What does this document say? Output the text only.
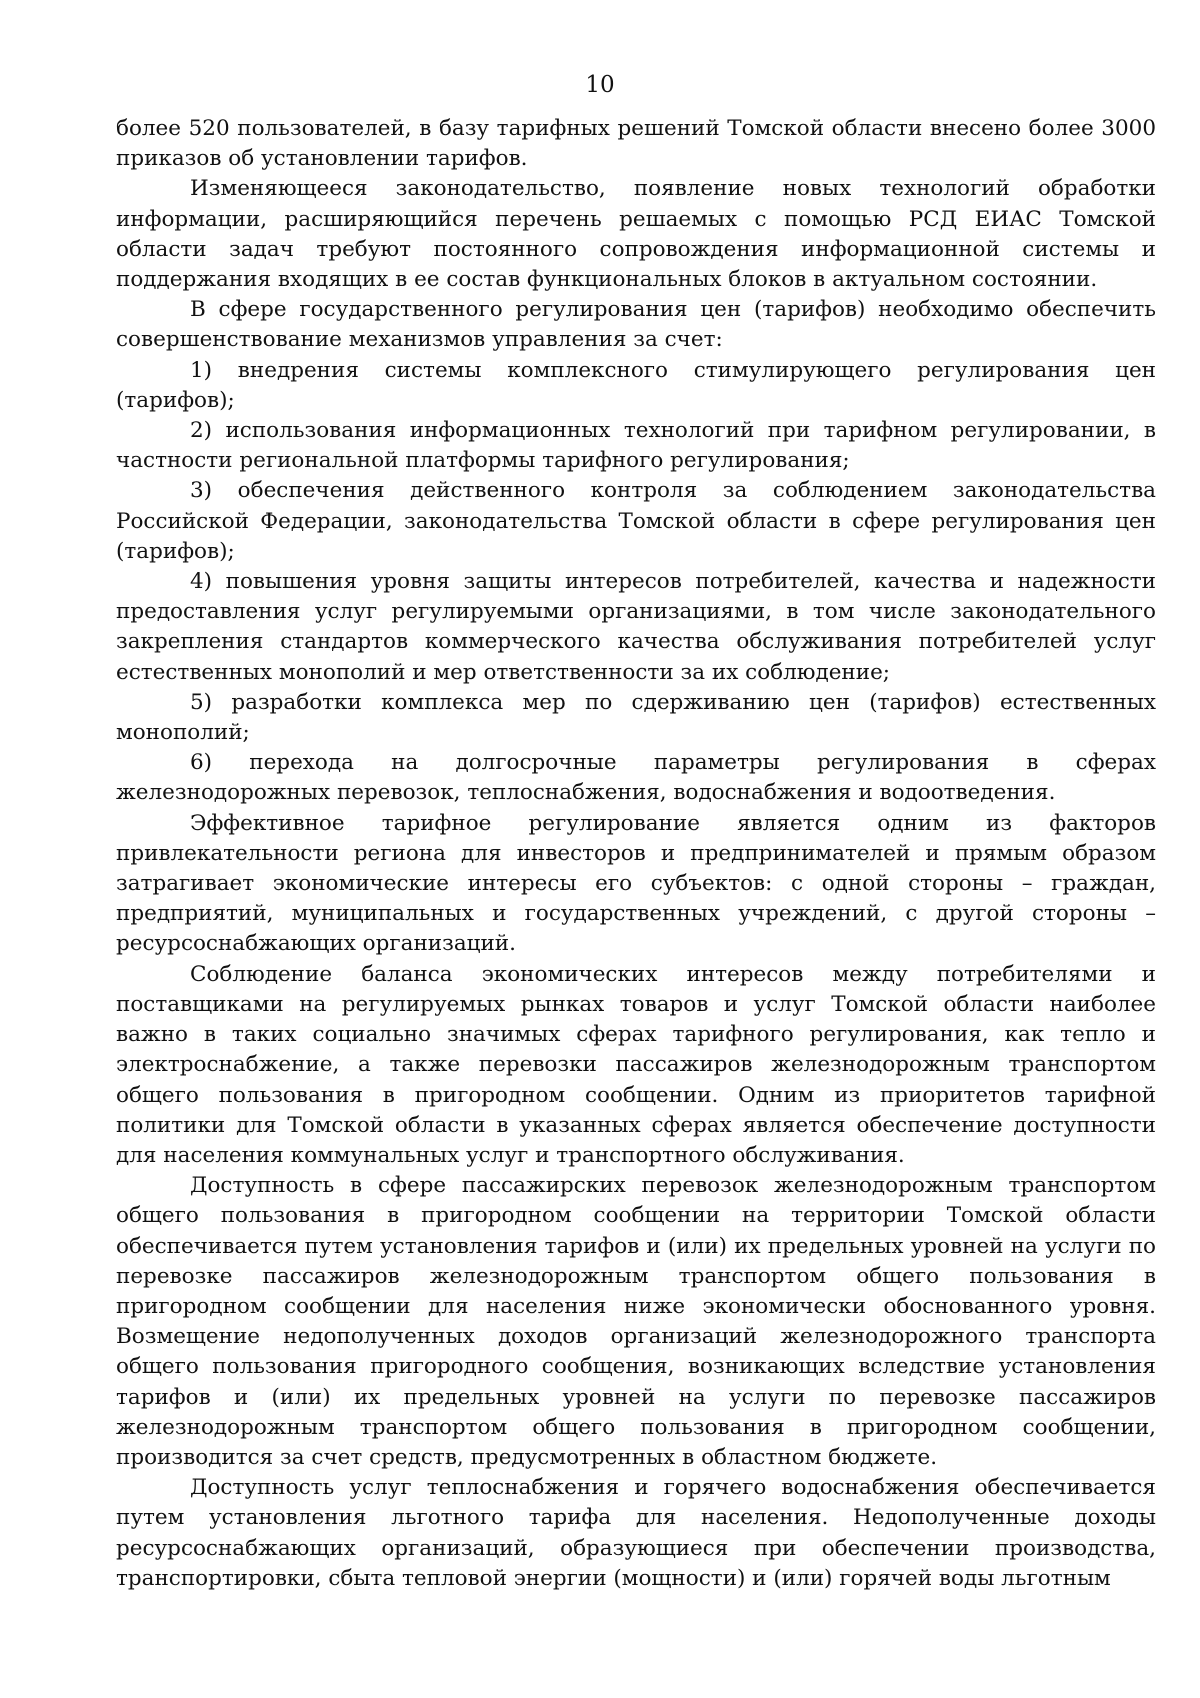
10

более 520 пользователей, в базу тарифных решений Томской области внесено более 3000 приказов об установлении тарифов.

Изменяющееся законодательство, появление новых технологий обработки информации, расширяющийся перечень решаемых с помощью РСД ЕИАС Томской области задач требуют постоянного сопровождения информационной системы и поддержания входящих в ее состав функциональных блоков в актуальном состоянии.

В сфере государственного регулирования цен (тарифов) необходимо обеспечить совершенствование механизмов управления за счет:

1) внедрения системы комплексного стимулирующего регулирования цен (тарифов);

2) использования информационных технологий при тарифном регулировании, в частности региональной платформы тарифного регулирования;

3) обеспечения действенного контроля за соблюдением законодательства Российской Федерации, законодательства Томской области в сфере регулирования цен (тарифов);

4) повышения уровня защиты интересов потребителей, качества и надежности предоставления услуг регулируемыми организациями, в том числе законодательного закрепления стандартов коммерческого качества обслуживания потребителей услуг естественных монополий и мер ответственности за их соблюдение;

5) разработки комплекса мер по сдерживанию цен (тарифов) естественных монополий;

6) перехода на долгосрочные параметры регулирования в сферах железнодорожных перевозок, теплоснабжения, водоснабжения и водоотведения.

Эффективное тарифное регулирование является одним из факторов привлекательности региона для инвесторов и предпринимателей и прямым образом затрагивает экономические интересы его субъектов: с одной стороны – граждан, предприятий, муниципальных и государственных учреждений, с другой стороны – ресурсоснабжающих организаций.

Соблюдение баланса экономических интересов между потребителями и поставщиками на регулируемых рынках товаров и услуг Томской области наиболее важно в таких социально значимых сферах тарифного регулирования, как тепло и электроснабжение, а также перевозки пассажиров железнодорожным транспортом общего пользования в пригородном сообщении. Одним из приоритетов тарифной политики для Томской области в указанных сферах является обеспечение доступности для населения коммунальных услуг и транспортного обслуживания.

Доступность в сфере пассажирских перевозок железнодорожным транспортом общего пользования в пригородном сообщении на территории Томской области обеспечивается путем установления тарифов и (или) их предельных уровней на услуги по перевозке пассажиров железнодорожным транспортом общего пользования в пригородном сообщении для населения ниже экономически обоснованного уровня. Возмещение недополученных доходов организаций железнодорожного транспорта общего пользования пригородного сообщения, возникающих вследствие установления тарифов и (или) их предельных уровней на услуги по перевозке пассажиров железнодорожным транспортом общего пользования в пригородном сообщении, производится за счет средств, предусмотренных в областном бюджете.

Доступность услуг теплоснабжения и горячего водоснабжения обеспечивается путем установления льготного тарифа для населения. Недополученные доходы ресурсоснабжающих организаций, образующиеся при обеспечении производства, транспортировки, сбыта тепловой энергии (мощности) и (или) горячей воды льготным
